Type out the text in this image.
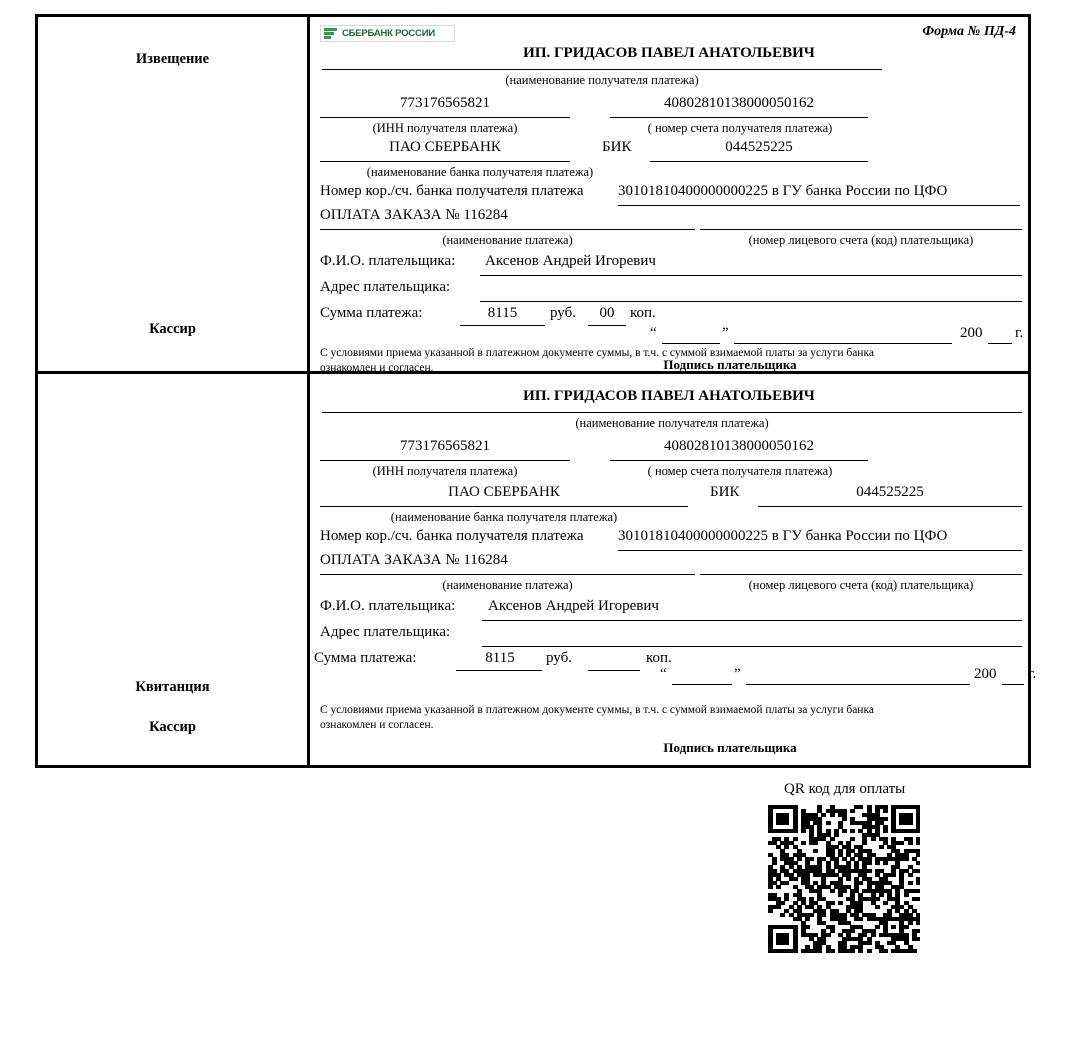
Извещение
Кассир
СБЕРБАНК РОССИИ	Форма № ПД-4
ИП. ГРИДАСОВ ПАВЕЛ АНАТОЛЬЕВИЧ
(наименование получателя платежа)
773176565821
(ИНН получателя платежа)
40802810138000050162
( номер счета получателя платежа)
ПАО СБЕРБАНК
(наименование банка получателя платежа)
БИК	044525225
Номер кор./сч. банка получателя платежа 30101810400000000225 в ГУ банка России по ЦФО
ОПЛАТА ЗАКАЗА № 116284
(наименование платежа)	(номер лицевого счета (код) плательщика)
Ф.И.О. плательщика: Аксенов Андрей Игоревич
Адрес плательщика:
Сумма платежа:	8115	руб.	00	коп.
“	”	200 г.
С условиями приема указанной в платежном документе суммы, в т.ч. с суммой взимаемой платы за услуги банка
ознакомлен и согласен.	Подпись плательщика
Квитанция
Кассир
ИП. ГРИДАСОВ ПАВЕЛ АНАТОЛЬЕВИЧ
(наименование получателя платежа)
773176565821
(ИНН получателя платежа)
40802810138000050162
( номер счета получателя платежа)
ПАО СБЕРБАНК
(наименование банка получателя платежа)
БИК	044525225
Номер кор./сч. банка получателя платежа 30101810400000000225 в ГУ банка России по ЦФО
ОПЛАТА ЗАКАЗА № 116284
(наименование платежа)	(номер лицевого счета (код) плательщика)
Ф.И.О. плательщика: Аксенов Андрей Игоревич
Адрес плательщика:
Сумма платежа:	8115	руб.	коп.
“	”	200 г.
С условиями приема указанной в платежном документе суммы, в т.ч. с суммой взимаемой платы за услуги банка
ознакомлен и согласен.
Подпись плательщика
QR код для оплаты
